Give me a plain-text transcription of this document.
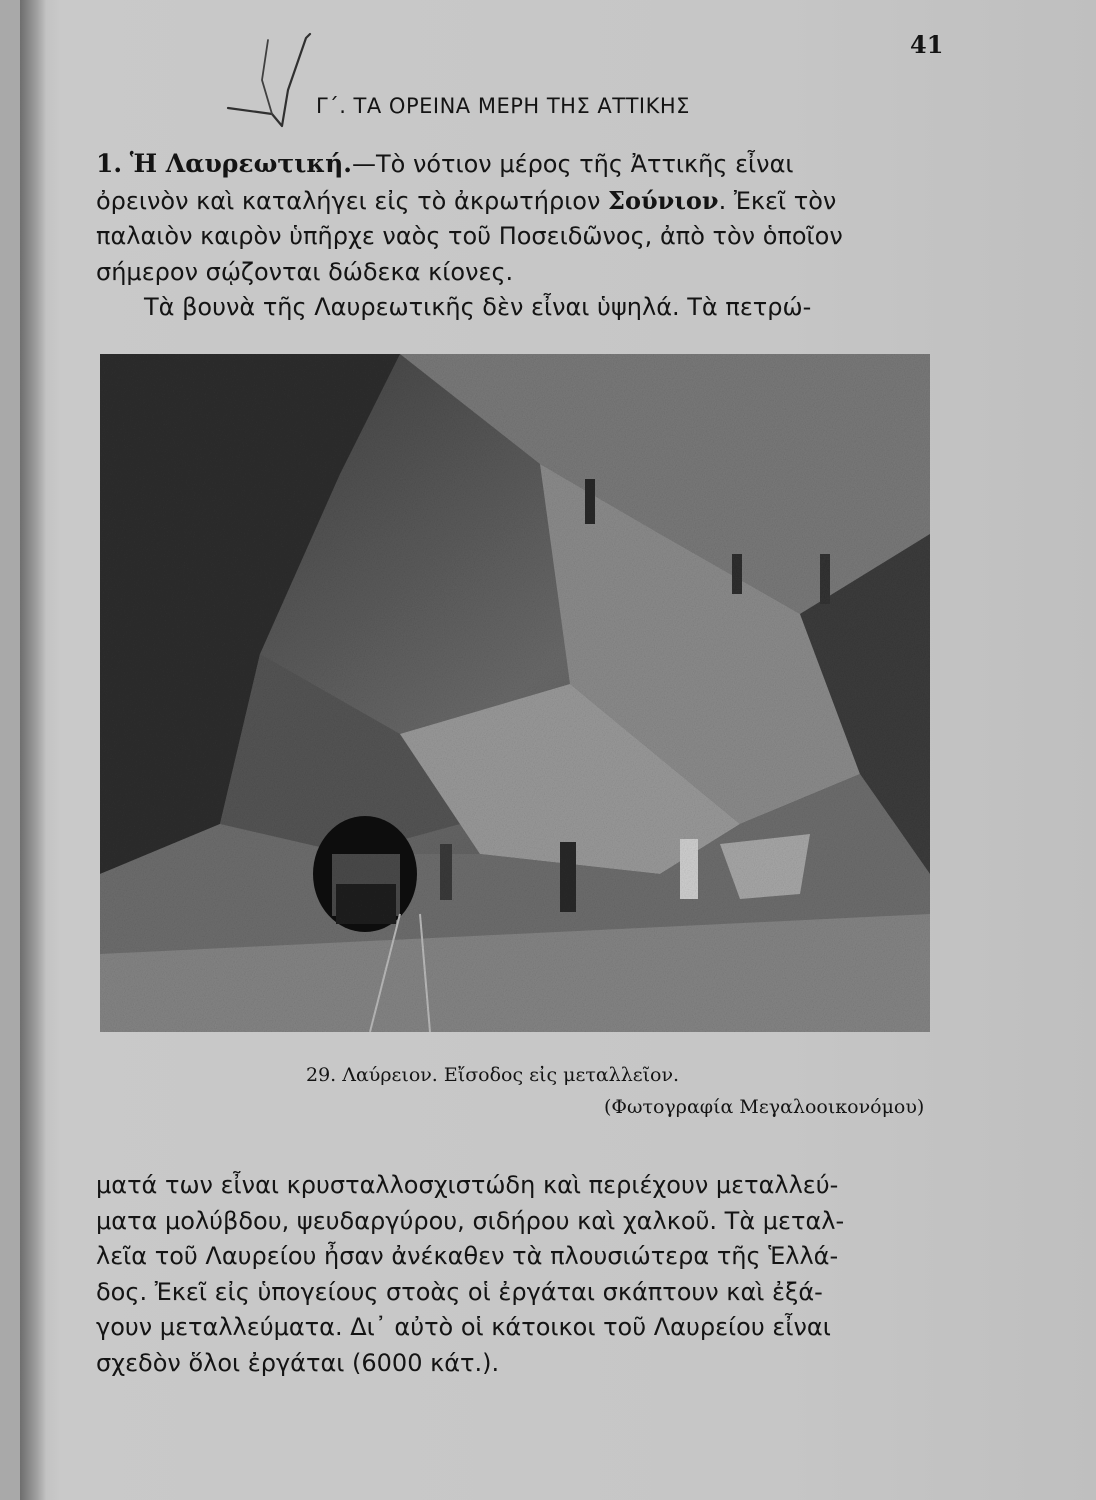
41
Γ΄. ΤΑ ΟΡΕΙΝΑ ΜΕΡΗ ΤΗΣ ΑΤΤΙΚΗΣ
1. Ἡ Λαυρεωτική.—Τὸ νότιον μέρος τῆς Ἀττικῆς εἶναι
ὀρεινὸν καὶ καταλήγει εἰς τὸ ἀκρωτήριον Σούνιον. Ἐκεῖ τὸν
παλαιὸν καιρὸν ὑπῆρχε ναὸς τοῦ Ποσειδῶνος, ἀπὸ τὸν ὁποῖον
σήμερον σῴζονται δώδεκα κίονες.
Τὰ βουνὰ τῆς Λαυρεωτικῆς δὲν εἶναι ὑψηλά. Τὰ πετρώ-
29. Λαύρειον. Εἴσοδος εἰς μεταλλεῖον.
(Φωτογραφία Μεγαλοοικονόμου)
ματά των εἶναι κρυσταλλοσχιστώδη καὶ περιέχουν μεταλλεύ-
ματα μολύβδου, ψευδαργύρου, σιδήρου καὶ χαλκοῦ. Τὰ μεταλ-
λεῖα τοῦ Λαυρείου ἦσαν ἀνέκαθεν τὰ πλουσιώτερα τῆς Ἑλλά-
δος. Ἐκεῖ εἰς ὑπογείους στοὰς οἱ ἐργάται σκάπτουν καὶ ἐξά-
γουν μεταλλεύματα. Δι᾿ αὐτὸ οἱ κάτοικοι τοῦ Λαυρείου εἶναι
σχεδὸν ὅλοι ἐργάται (6000 κάτ.).
